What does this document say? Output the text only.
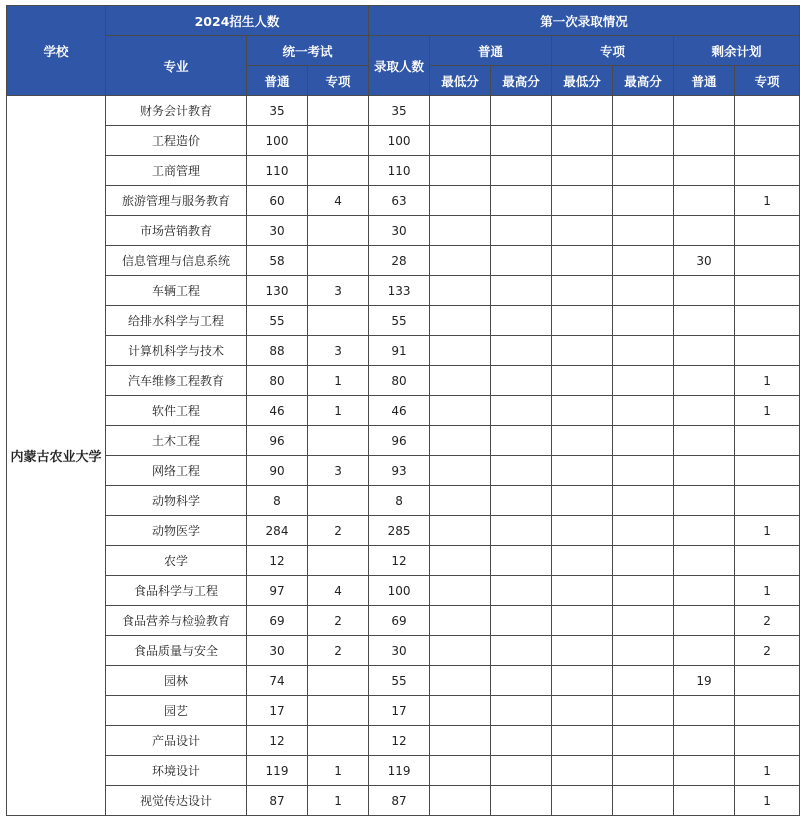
学校	2024招生人数			第一次录取情况						
	专业	统一考试		录取人数	普通		专项		剩余计划	
		普通	专项		最低分	最高分	最低分	最高分	普通	专项
内蒙古农业大学	财务会计教育	35		35						
	工程造价	100		100						
	工商管理	110		110						
	旅游管理与服务教育	60	4	63						1
	市场营销教育	30		30						
	信息管理与信息系统	58		28					30	
	车辆工程	130	3	133						
	给排水科学与工程	55		55						
	计算机科学与技术	88	3	91						
	汽车维修工程教育	80	1	80						1
	软件工程	46	1	46						1
	土木工程	96		96						
	网络工程	90	3	93						
	动物科学	8		8						
	动物医学	284	2	285						1
	农学	12		12						
	食品科学与工程	97	4	100						1
	食品营养与检验教育	69	2	69						2
	食品质量与安全	30	2	30						2
	园林	74		55					19	
	园艺	17		17						
	产品设计	12		12						
	环境设计	119	1	119						1
	视觉传达设计	87	1	87						1
